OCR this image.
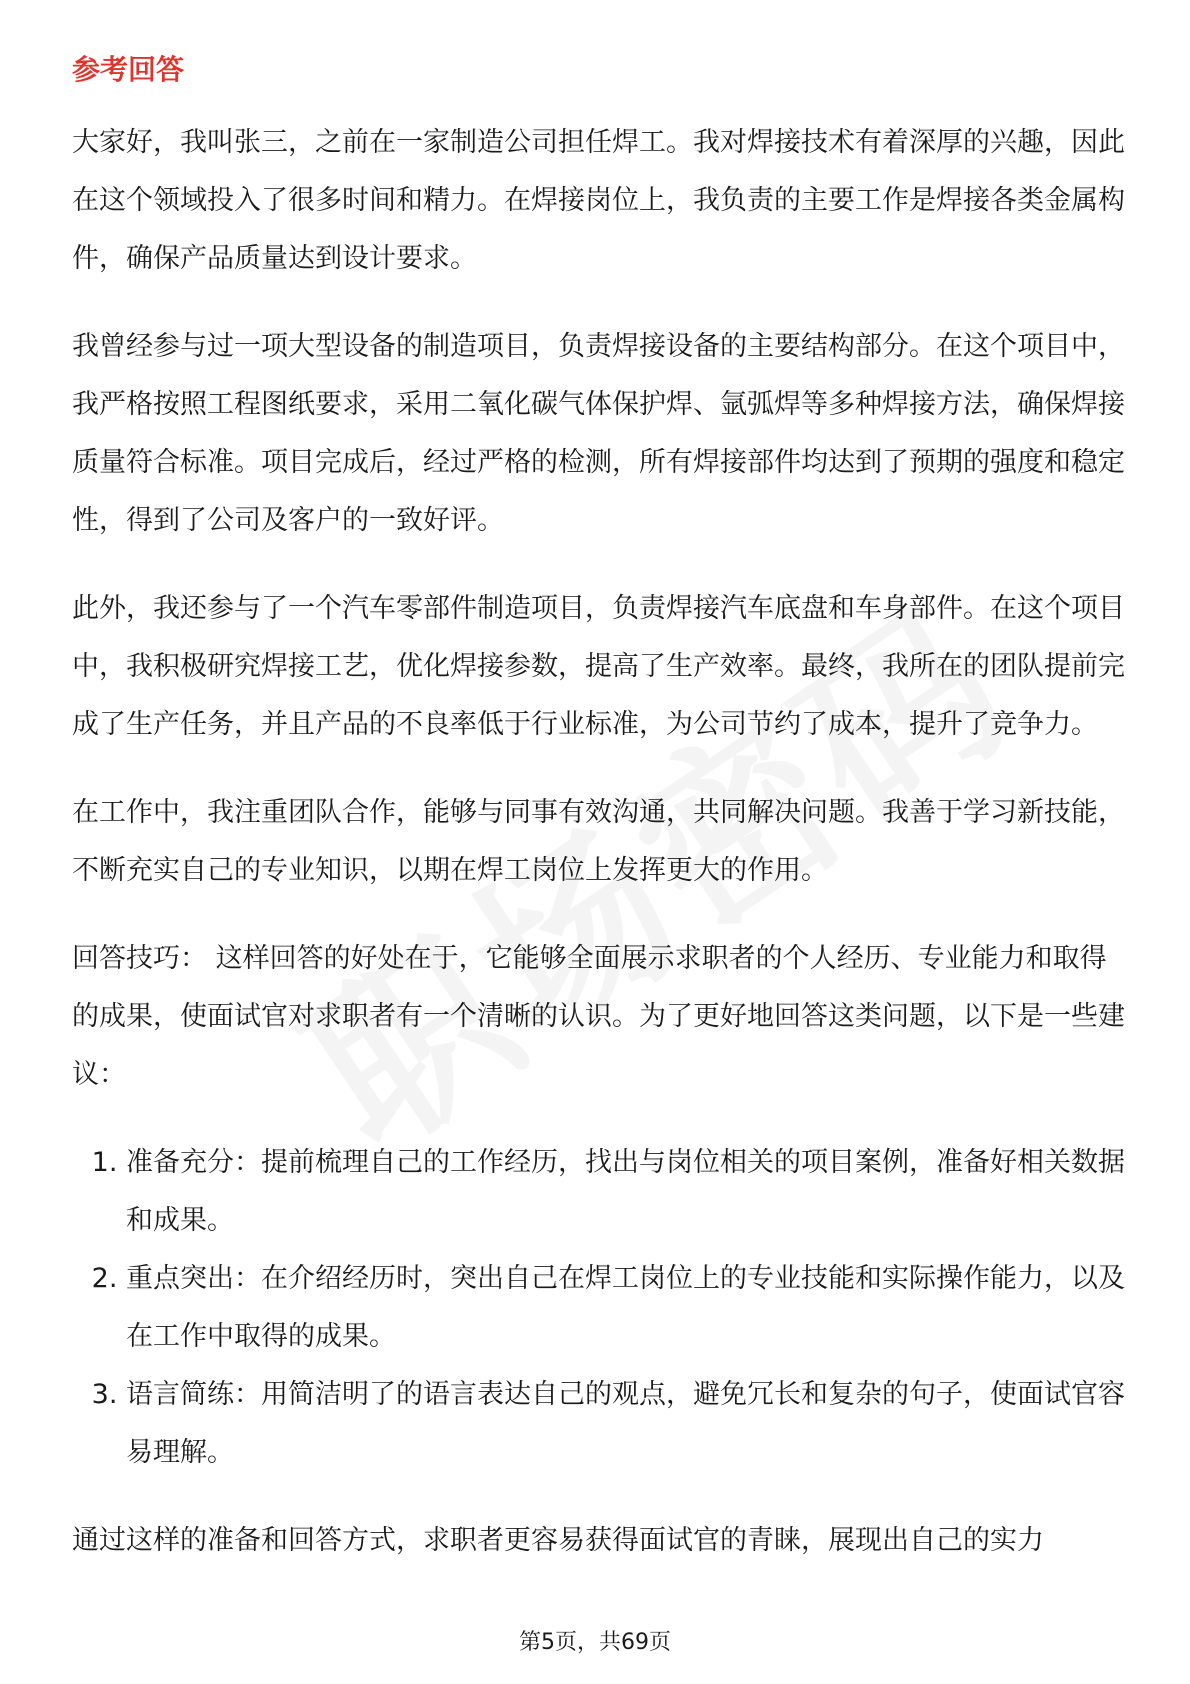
参考回答

大家好，我叫张三，之前在一家制造公司担任焊工。我对焊接技术有着深厚的兴趣，因此在这个领域投入了很多时间和精力。在焊接岗位上，我负责的主要工作是焊接各类金属构件，确保产品质量达到设计要求。

我曾经参与过一项大型设备的制造项目，负责焊接设备的主要结构部分。在这个项目中，我严格按照工程图纸要求，采用二氧化碳气体保护焊、氩弧焊等多种焊接方法，确保焊接质量符合标准。项目完成后，经过严格的检测，所有焊接部件均达到了预期的强度和稳定性，得到了公司及客户的一致好评。

此外，我还参与了一个汽车零部件制造项目，负责焊接汽车底盘和车身部件。在这个项目中，我积极研究焊接工艺，优化焊接参数，提高了生产效率。最终，我所在的团队提前完成了生产任务，并且产品的不良率低于行业标准，为公司节约了成本，提升了竞争力。

在工作中，我注重团队合作，能够与同事有效沟通，共同解决问题。我善于学习新技能，不断充实自己的专业知识，以期在焊工岗位上发挥更大的作用。

回答技巧： 这样回答的好处在于，它能够全面展示求职者的个人经历、专业能力和取得的成果，使面试官对求职者有一个清晰的认识。为了更好地回答这类问题，以下是一些建议：

1. 准备充分：提前梳理自己的工作经历，找出与岗位相关的项目案例，准备好相关数据和成果。
2. 重点突出：在介绍经历时，突出自己在焊工岗位上的专业技能和实际操作能力，以及在工作中取得的成果。
3. 语言简练：用简洁明了的语言表达自己的观点，避免冗长和复杂的句子，使面试官容易理解。

通过这样的准备和回答方式，求职者更容易获得面试官的青睐，展现出自己的实力

第5页，共69页
